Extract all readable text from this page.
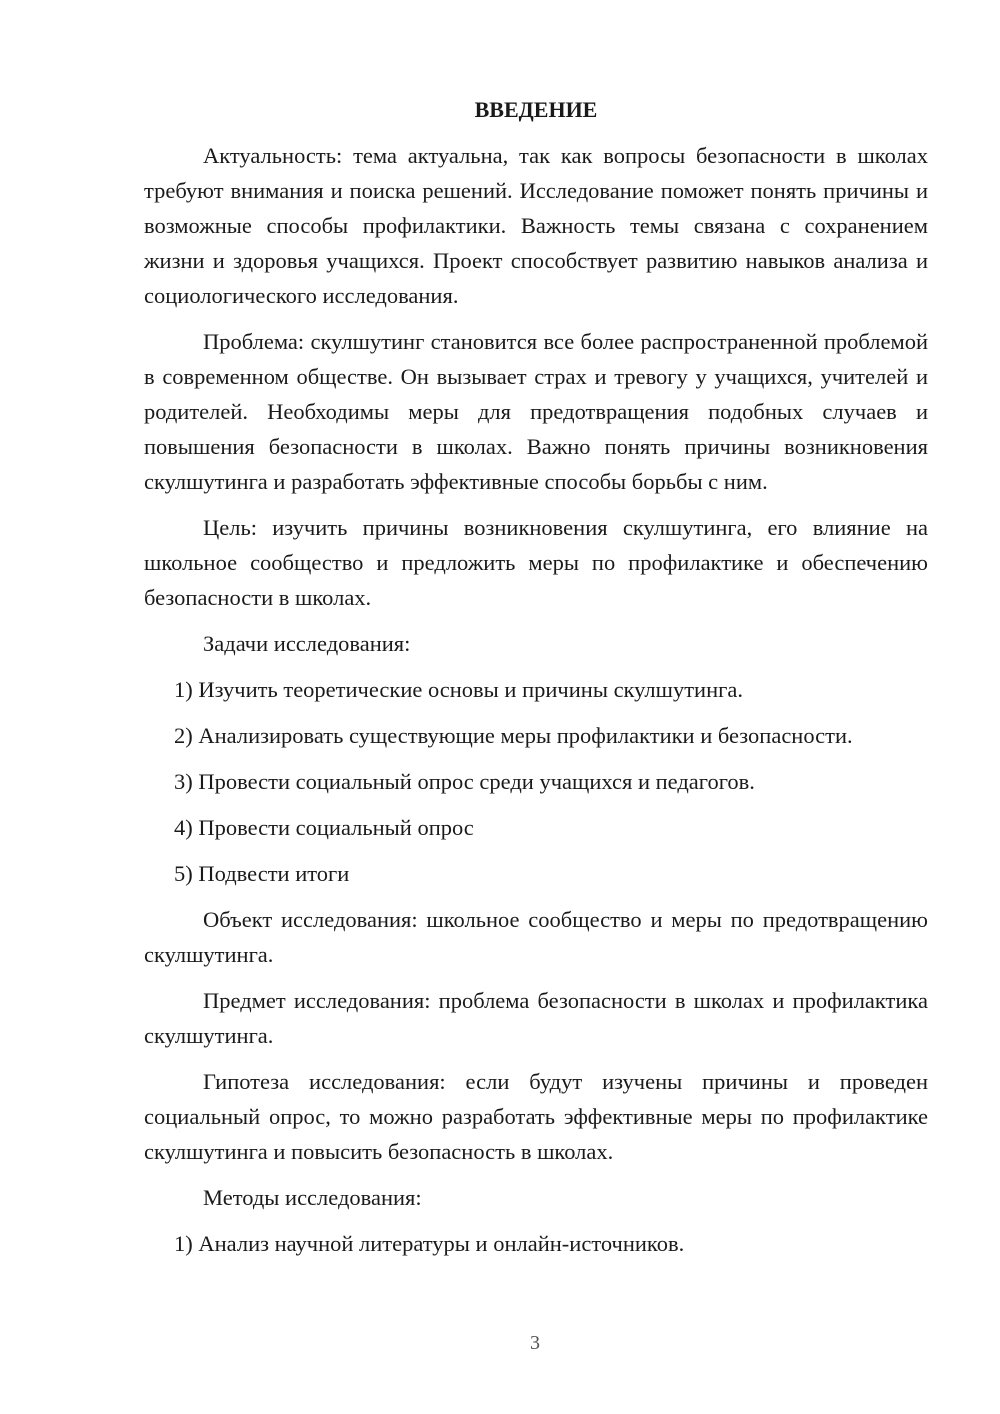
ВВЕДЕНИЕ

Актуальность: тема актуальна, так как вопросы безопасности в школах требуют внимания и поиска решений. Исследование поможет понять причины и возможные способы профилактики. Важность темы связана с сохранением жизни и здоровья учащихся. Проект способствует развитию навыков анализа и социологического исследования.

Проблема: скулшутинг становится все более распространенной проблемой в современном обществе. Он вызывает страх и тревогу у учащихся, учителей и родителей. Необходимы меры для предотвращения подобных случаев и повышения безопасности в школах. Важно понять причины возникновения скулшутинга и разработать эффективные способы борьбы с ним.

Цель: изучить причины возникновения скулшутинга, его влияние на школьное сообщество и предложить меры по профилактике и обеспечению безопасности в школах.

Задачи исследования:

1) Изучить теоретические основы и причины скулшутинга.
2) Анализировать существующие меры профилактики и безопасности.
3) Провести социальный опрос среди учащихся и педагогов.
4) Провести социальный опрос
5) Подвести итоги

Объект исследования: школьное сообщество и меры по предотвращению скулшутинга.

Предмет исследования: проблема безопасности в школах и профилактика скулшутинга.

Гипотеза исследования: если будут изучены причины и проведен социальный опрос, то можно разработать эффективные меры по профилактике скулшутинга и повысить безопасность в школах.

Методы исследования:

1) Анализ научной литературы и онлайн-источников.
3
